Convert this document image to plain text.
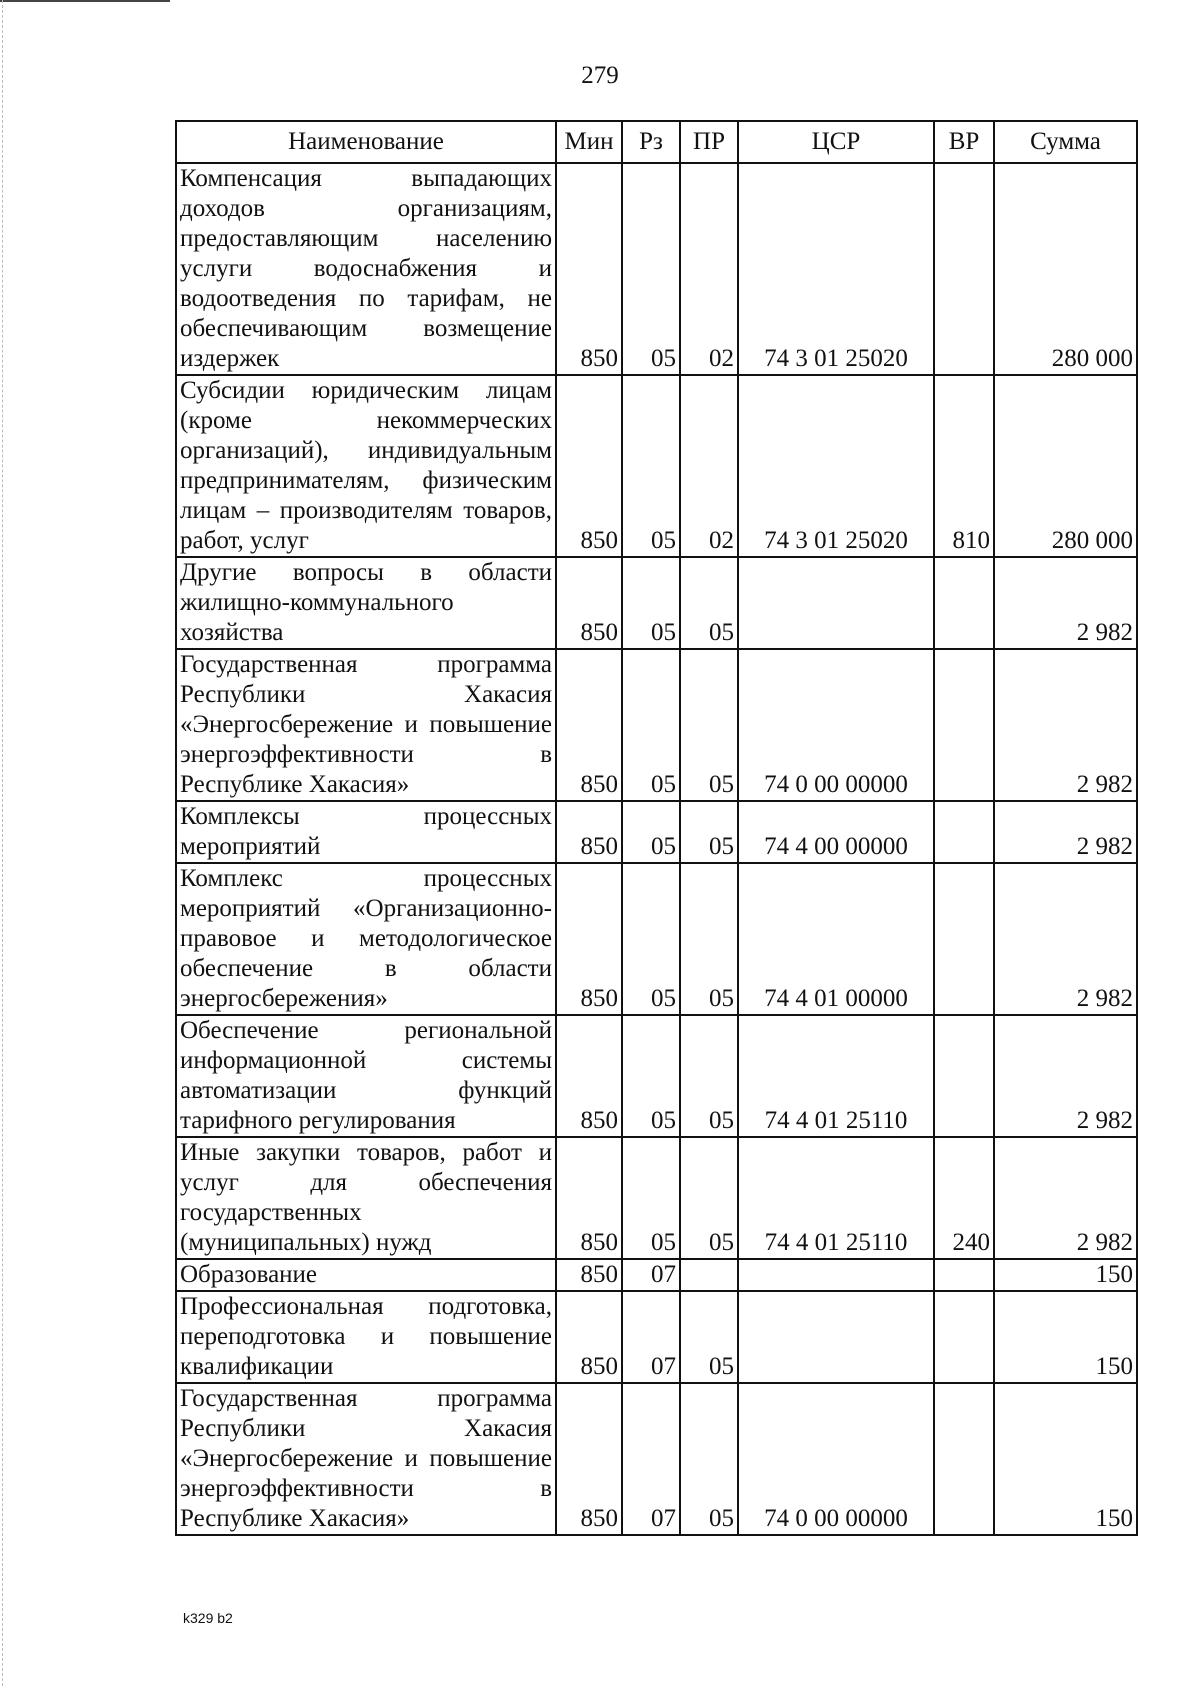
279
Наименование	Мин	Рз	ПР	ЦСР	ВР	Сумма
Компенсация выпадающих доходов организациям, предоставляющим населению услуги водоснабжения и водоотведения по тарифам, не обеспечивающим возмещение издержек	850	05	02	74 3 01 25020		280 000
Субсидии юридическим лицам (кроме некоммерческих организаций), индивидуальным предпринимателям, физическим лицам – производителям товаров, работ, услуг	850	05	02	74 3 01 25020	810	280 000
Другие вопросы в области жилищно-коммунального хозяйства	850	05	05			2 982
Государственная программа Республики Хакасия «Энергосбережение и повышение энергоэффективности в Республике Хакасия»	850	05	05	74 0 00 00000		2 982
Комплексы процессных мероприятий	850	05	05	74 4 00 00000		2 982
Комплекс процессных мероприятий «Организационно-правовое и методологическое обеспечение в области энергосбережения»	850	05	05	74 4 01 00000		2 982
Обеспечение региональной информационной системы автоматизации функций тарифного регулирования	850	05	05	74 4 01 25110		2 982
Иные закупки товаров, работ и услуг для обеспечения государственных (муниципальных) нужд	850	05	05	74 4 01 25110	240	2 982
Образование	850	07				150
Профессиональная подготовка, переподготовка и повышение квалификации	850	07	05			150
Государственная программа Республики Хакасия «Энергосбережение и повышение энергоэффективности в Республике Хакасия»	850	07	05	74 0 00 00000		150
k329 b2
